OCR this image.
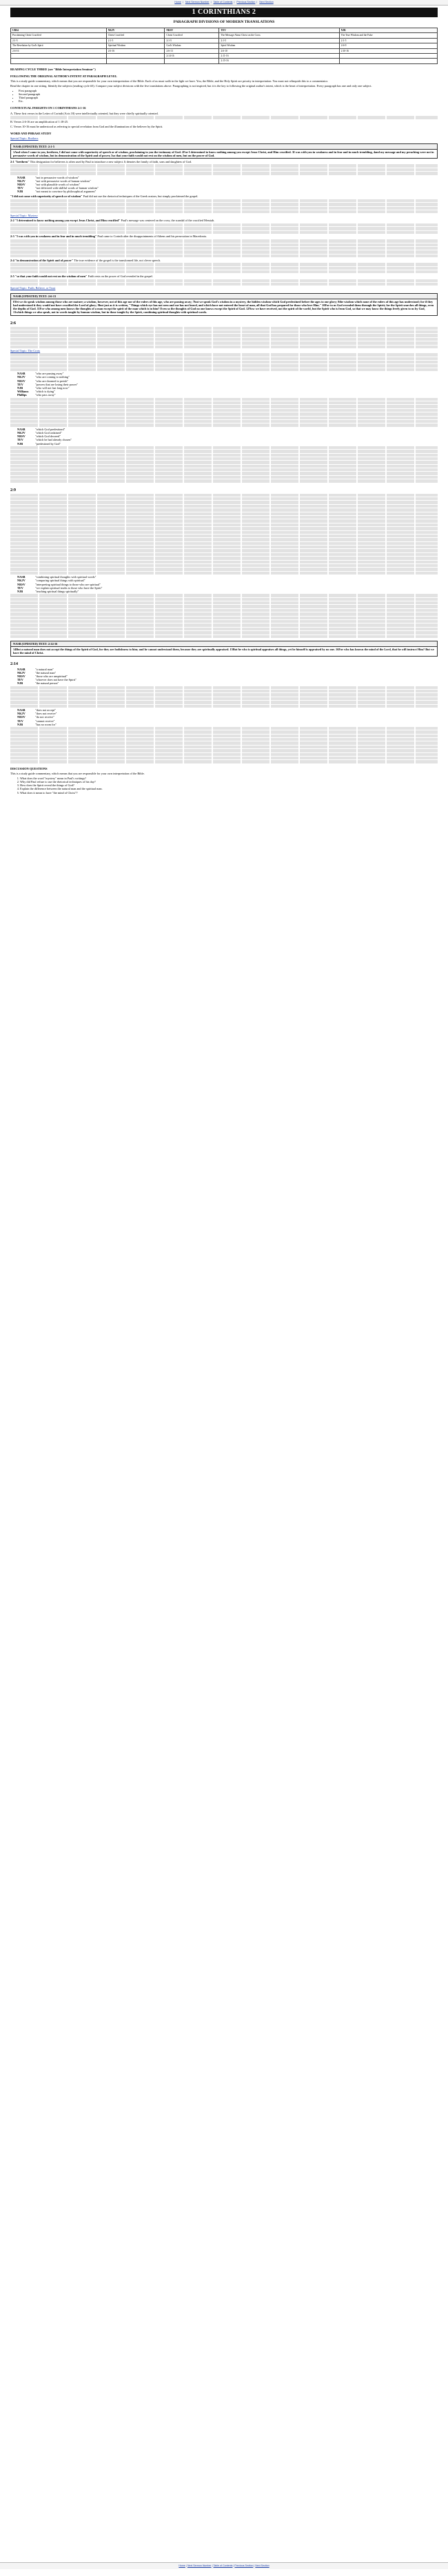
Home | Next Sermon Number | Table of Contents | Previous Section | Next Section
1 CORINTHIANS 2
PARAGRAPH DIVISIONS OF MODERN TRANSLATIONS
UBS4	NKJV	NRSV	TEV	NJB
Proclaiming Christ Crucified	Christ Crucified	Christ Crucified	The Message About Christ on the Cross	The True Wisdom and the False
2:1-5	2:1-5	2:1-5	2:1-5	2:1-5
The Revelation by God's Spirit	Spiritual Wisdom	God's Wisdom	Spirit Wisdom	2:6-9
2:6-16	2:6-16	2:6-13	2:6-10	2:10-16
		2:14-16	2:11-16	
			2:15-16	
READING CYCLE THREE (see "Bible Interpretation Seminar")
FOLLOWING THE ORIGINAL AUTHOR'S INTENT AT PARAGRAPH LEVEL

This is a study guide commentary, which means that you are responsible for your own interpretation of the Bible. Each of us must walk in the light we have. You, the Bible, and the Holy Spirit are priority in interpretation. You must not relinquish this to a commentator.

Read the chapter in one sitting. Identify the subjects (reading cycle #3). Compare your subject divisions with the five translations above. Paragraphing is not inspired, but it is the key to following the original author's intent, which is the heart of interpretation. Every paragraph has one and only one subject.

• First paragraph
• Second paragraph
• Third paragraph
• Etc.
CONTEXTUAL INSIGHTS ON 1 CORINTHIANS 2:1-16

A. These first verses in the Letter of Corinth (Acts 18) were intellectually oriented, but they were chiefly spiritually oriented.

B. Verses 2:6-16 are an amplification of 1:18-25.

C. Verses 10-16 must be understood as referring to special revelation from God and the illumination of the believer by the Spirit.

WORD AND PHRASE STUDY
Special Topic: Brothers
NASB (UPDATED) TEXT: 2:1-5
1And when I came to you, brethren, I did not come with superiority of speech or of wisdom, proclaiming to you the testimony of God. 2For I determined to know nothing among you except Jesus Christ, and Him crucified. 3I was with you in weakness and in fear and in much trembling, 4and my message and my preaching were not in persuasive words of wisdom, but in demonstration of the Spirit and of power, 5so that your faith would not rest on the wisdom of men, but on the power of God.

2:1 "brethren" This designation for believers is often used by Paul to introduce a new subject. It denotes the family of faith, sons and daughters of God.

NASB	"not in persuasive words of wisdom"
NKJV	"not with persuasive words of human wisdom"
NRSV	"not with plausible words of wisdom"
TEV	"not delivered with skillful words of human wisdom"
NJB	"not meant to convince by philosophical argument"

"I did not come with superiority of speech or of wisdom" Paul did not use the rhetorical techniques of the Greek orators, but simply proclaimed the gospel.

Special Topic: Mystery

2:2 "I determined to know nothing among you except Jesus Christ, and Him crucified" Paul's message was centered on the cross, the scandal of the crucified Messiah.

2:3 "I was with you in weakness and in fear and in much trembling" Paul came to Corinth after the disappointments of Athens and his persecution in Macedonia.

2:4 "in demonstration of the Spirit and of power" The true evidence of the gospel is the transformed life, not clever speech.

2:5 "so that your faith would not rest on the wisdom of men" Faith rests on the power of God revealed in the gospel.

Special Topic: Faith, Believe, or Trust
NASB (UPDATED) TEXT: 2:6-13
6Yet we do speak wisdom among those who are mature; a wisdom, however, not of this age nor of the rulers of this age, who are passing away; 7but we speak God's wisdom in a mystery, the hidden wisdom which God predestined before the ages to our glory; 8the wisdom which none of the rulers of this age has understood; for if they had understood it they would not have crucified the Lord of glory; 9but just as it is written, "Things which eye has not seen and ear has not heard, and which have not entered the heart of man, all that God has prepared for those who love Him." 10For to us God revealed them through the Spirit; for the Spirit searches all things, even the depths of God. 11For who among men knows the thoughts of a man except the spirit of the man which is in him? Even so the thoughts of God no one knows except the Spirit of God. 12Now we have received, not the spirit of the world, but the Spirit who is from God, so that we may know the things freely given to us by God, 13which things we also speak, not in words taught by human wisdom, but in those taught by the Spirit, combining spiritual thoughts with spiritual words.
2:6
Special Topic: The Cross
NASB	"who are passing away"
NKJV	"who are coming to nothing"
NRSV	"who are doomed to perish"
TEV	"powers that are losing their power"
NJB	"who will not last long now"
Williams "which is dying"
Phillips	"who pass away"
NASB	"which God predestined"
NKJV	"which God ordained"
NRSV	"which God decreed"
TEV	"which he had already chosen"
NJB	"predestined by God"
2:9
NASB	"combining spiritual thoughts with spiritual words"
NKJV	"comparing spiritual things with spiritual"
NRSV	"interpreting spiritual things to those who are spiritual"
TEV	"we explain spiritual truths to those who have the Spirit"
NJB	"teaching spiritual things spiritually"
NASB (UPDATED) TEXT: 2:14-16
14But a natural man does not accept the things of the Spirit of God, for they are foolishness to him; and he cannot understand them, because they are spiritually appraised. 15But he who is spiritual appraises all things, yet he himself is appraised by no one. 16For who has known the mind of the Lord, that he will instruct Him? But we have the mind of Christ.
2:14
NASB	"a natural man"
NKJV	"the natural man"
NRSV	"those who are unspiritual"
TEV	"whoever does not have the Spirit"
NJB	"the natural person"
NASB	"does not accept"
NKJV	"does not receive"
NRSV	"do not receive"
TEV	"cannot receive"
NJB	"has no room for"
DISCUSSION QUESTIONS

This is a study guide commentary, which means that you are responsible for your own interpretation of the Bible.

1. What does the word "mystery" mean in Paul's writings?
2. Why did Paul refuse to use the rhetorical techniques of his day?
3. How does the Spirit reveal the things of God?
4. Explain the difference between the natural man and the spiritual man.
5. What does it mean to have "the mind of Christ"?
Home | Next Sermon Number | Table of Contents | Previous Section | Next Section
